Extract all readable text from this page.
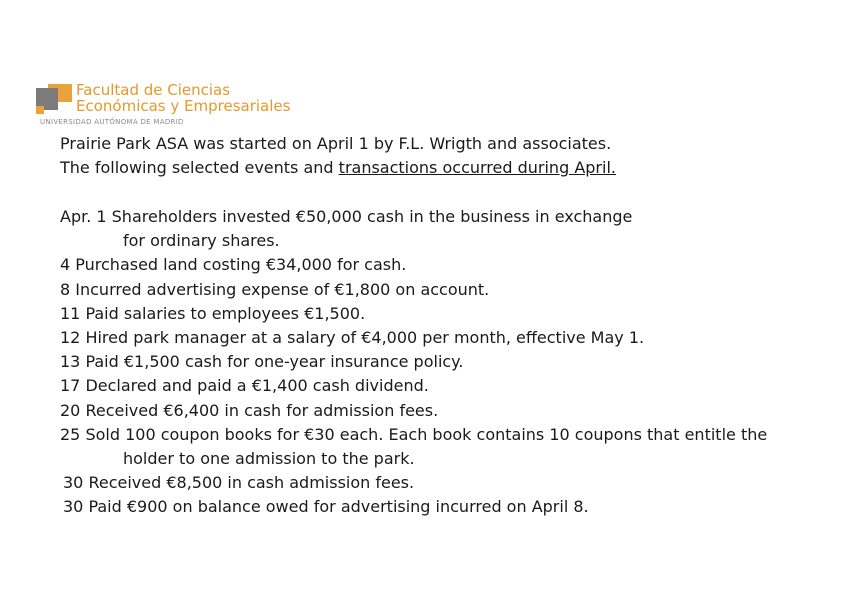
Facultad de Ciencias
Económicas y Empresariales
UNIVERSIDAD AUTÓNOMA DE MADRID
Prairie Park ASA was started on April 1 by F.L. Wrigth and associates.
The following selected events and transactions occurred during April.
Apr. 1 Shareholders invested €50,000 cash in the business in exchange
for ordinary shares.
4 Purchased land costing €34,000 for cash.
8 Incurred advertising expense of €1,800 on account.
11 Paid salaries to employees €1,500.
12 Hired park manager at a salary of €4,000 per month, effective May 1.
13 Paid €1,500 cash for one-year insurance policy.
17 Declared and paid a €1,400 cash dividend.
20 Received €6,400 in cash for admission fees.
25 Sold 100 coupon books for €30 each. Each book contains 10 coupons that entitle the
holder to one admission to the park.
30 Received €8,500 in cash admission fees.
30 Paid €900 on balance owed for advertising incurred on April 8.
